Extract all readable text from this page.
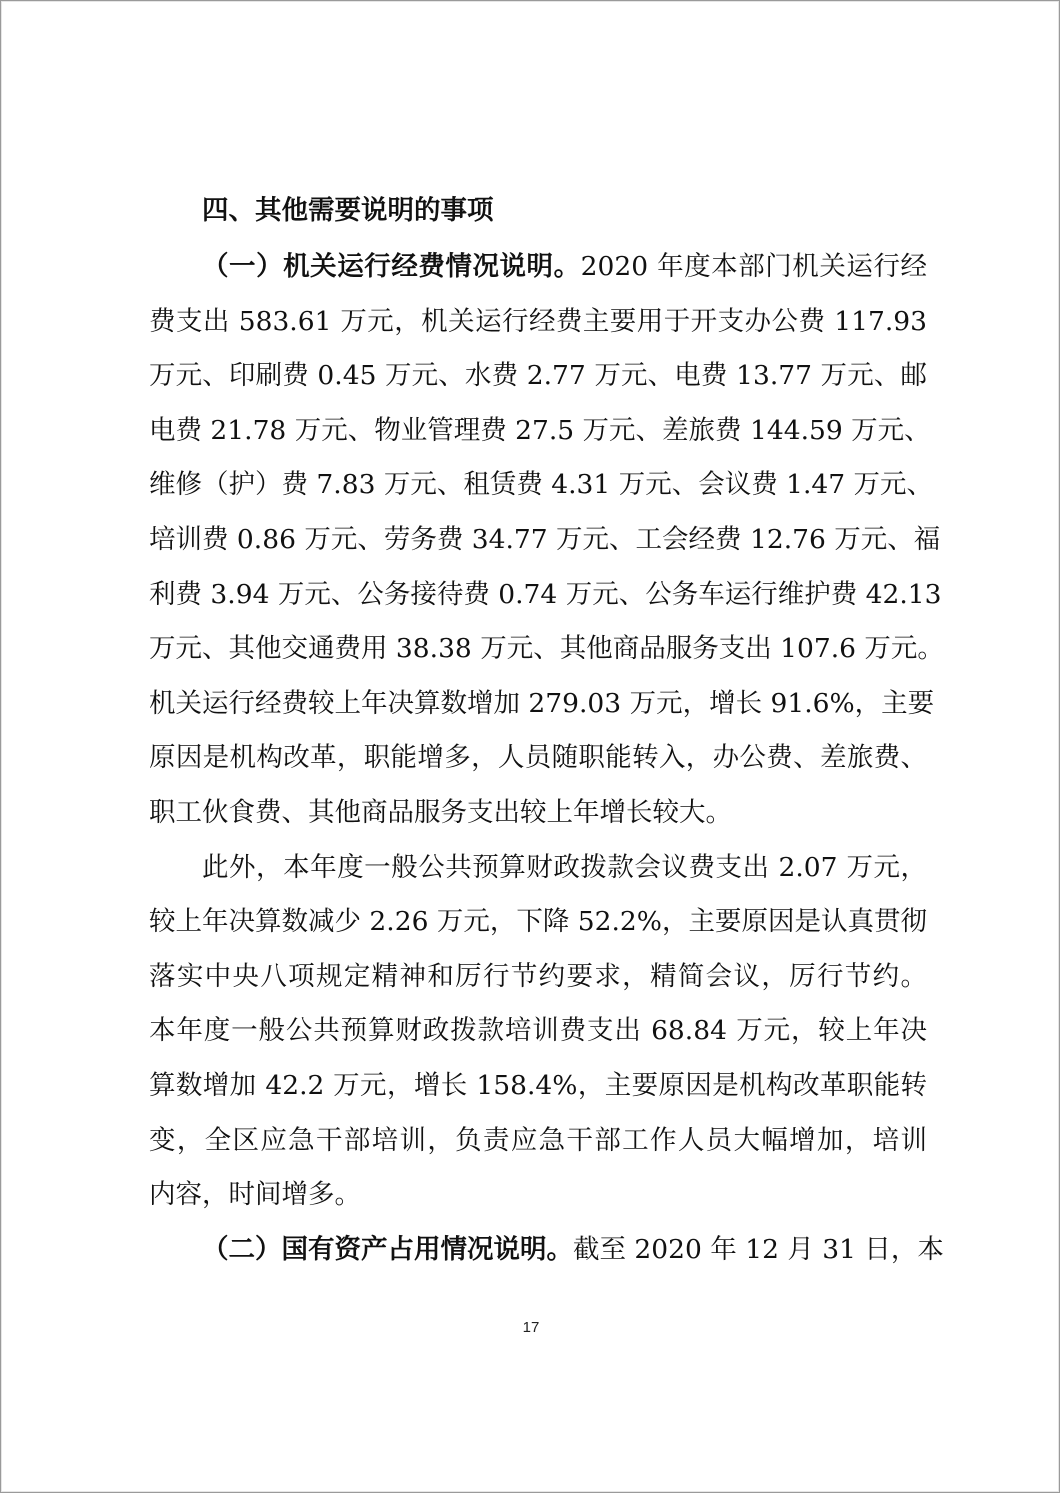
四、其他需要说明的事项
（一）机关运行经费情况说明。2020 年度本部门机关运行经
费支出 583.61 万元，机关运行经费主要用于开支办公费 117.93
万元、印刷费 0.45 万元、水费 2.77 万元、电费 13.77 万元、邮
电费 21.78 万元、物业管理费 27.5 万元、差旅费 144.59 万元、
维修（护）费 7.83 万元、租赁费 4.31 万元、会议费 1.47 万元、
培训费 0.86 万元、劳务费 34.77 万元、工会经费 12.76 万元、福
利费 3.94 万元、公务接待费 0.74 万元、公务车运行维护费 42.13
万元、其他交通费用 38.38 万元、其他商品服务支出 107.6 万元。
机关运行经费较上年决算数增加 279.03 万元，增长 91.6%，主要
原因是机构改革，职能增多，人员随职能转入，办公费、差旅费、
职工伙食费、其他商品服务支出较上年增长较大。
此外，本年度一般公共预算财政拨款会议费支出 2.07 万元，
较上年决算数减少 2.26 万元，下降 52.2%，主要原因是认真贯彻
落实中央八项规定精神和厉行节约要求，精简会议，厉行节约。
本年度一般公共预算财政拨款培训费支出 68.84 万元，较上年决
算数增加 42.2 万元，增长 158.4%，主要原因是机构改革职能转
变，全区应急干部培训，负责应急干部工作人员大幅增加，培训
内容，时间增多。
（二）国有资产占用情况说明。截至 2020 年 12 月 31 日，本
17
